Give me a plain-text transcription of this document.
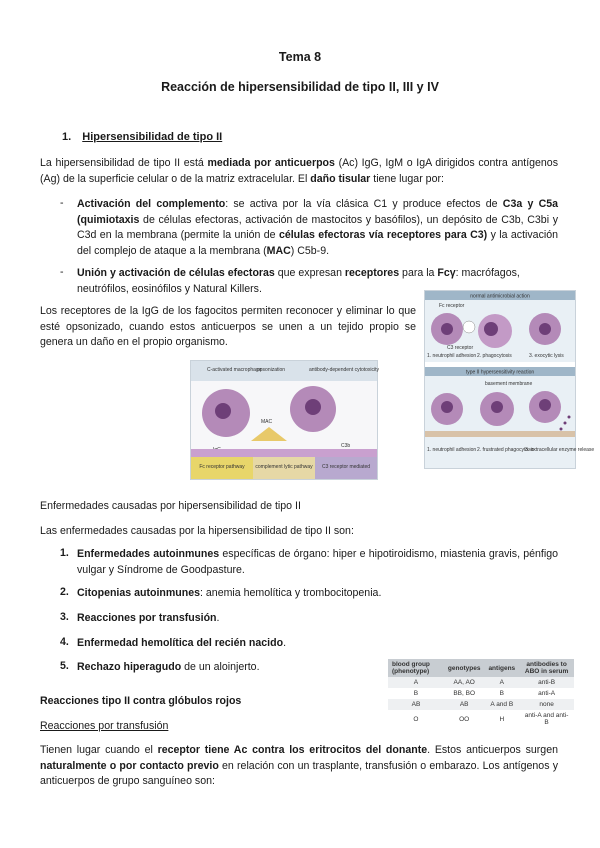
Tema 8
Reacción de hipersensibilidad de tipo II, III y IV
1. Hipersensibilidad de tipo II

La hipersensibilidad de tipo II está mediada por anticuerpos (Ac) IgG, IgM o IgA dirigidos contra antígenos (Ag) de la superficie celular o de la matriz extracelular. El daño tisular tiene lugar por:

- Activación del complemento: se activa por la vía clásica C1 y produce efectos de C3a y C5a (quimiotaxis de células efectoras, activación de mastocitos y basófilos), un depósito de C3b, C3bi y C3d en la membrana (permite la unión de células efectoras vía receptores para C3) y la activación del complejo de ataque a la membrana (MAC) C5b-9.

- Unión y activación de células efectoras que expresan receptores para la Fcγ: macrófagos, neutrófilos, eosinófilos y Natural Killers.

Los receptores de la IgG de los fagocitos permiten reconocer y eliminar lo que esté opsonizado, cuando estos anticuerpos se unen a un tejido propio se genera un daño en el propio organismo.

normal antimicrobial action
Fc receptor
C3 receptor
1. neutrophil adhesion 2. phagocytosis	3. exocytic lysis
type II hypersensitivity reaction
basement membrane
1. neutrophil adhesion 2. frustrated phagocytosis
3. extracellular enzyme release
C-activated macrophage
opsonization	antibody-dependent cytotoxicity
MAC
C3b
Fc receptor pathway complement lytic pathway C3 receptor mediated

Enfermedades causadas por hipersensibilidad de tipo II

Las enfermedades causadas por la hipersensibilidad de tipo II son:

1. Enfermedades autoinmunes específicas de órgano: hiper e hipotiroidismo, miastenia gravis, pénfigo vulgar y Síndrome de Goodpasture.

2. Citopenias autoinmunes: anemia hemolítica y trombocitopenia.

3. Reacciones por transfusión.

4. Enfermedad hemolítica del recién nacido.

5. Rechazo hiperagudo de un aloinjerto.	blood group (phenotype)	genotypes	antigens	antibodies to ABO in serum
A	AA, AO	A	anti-B
B	BB, BO	B	anti-A
AB	AB	A and B	none
O	OO	H	anti-A and anti-B

Reacciones tipo II contra glóbulos rojos

Reacciones por transfusión

Tienen lugar cuando el receptor tiene Ac contra los eritrocitos del donante. Estos anticuerpos surgen naturalmente o por contacto previo en relación con un trasplante, transfusión o embarazo. Los antígenos y anticuerpos de grupo sanguíneo son:
